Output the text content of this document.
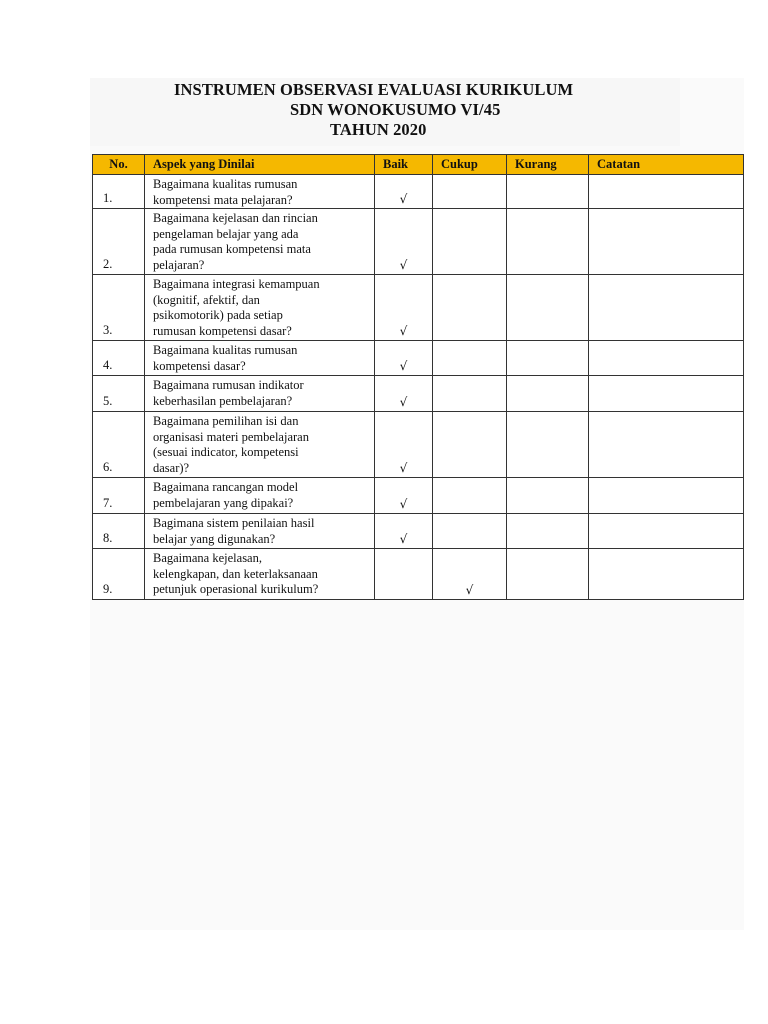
INSTRUMEN OBSERVASI EVALUASI KURIKULUM
SDN WONOKUSUMO VI/45
TAHUN 2020
No.	Aspek yang Dinilai	Baik	Cukup	Kurang	Catatan
1.	Bagaimana kualitas rumusan
kompetensi mata pelajaran?	√			
2.	Bagaimana kejelasan dan rincian
pengelaman belajar yang ada
pada rumusan kompetensi mata
pelajaran?	√			
3.	Bagaimana integrasi kemampuan
(kognitif, afektif, dan
psikomotorik) pada setiap
rumusan kompetensi dasar?	√			
4.	Bagaimana kualitas rumusan
kompetensi dasar?	√			
5.	Bagaimana rumusan indikator
keberhasilan pembelajaran?	√			
6.	Bagaimana pemilihan isi dan
organisasi materi pembelajaran
(sesuai indicator, kompetensi
dasar)?	√			
7.	Bagaimana rancangan model
pembelajaran yang dipakai?	√			
8.	Bagimana sistem penilaian hasil
belajar yang digunakan?	√			
9.	Bagaimana kejelasan,
kelengkapan, dan keterlaksanaan
petunjuk operasional kurikulum?		√		
